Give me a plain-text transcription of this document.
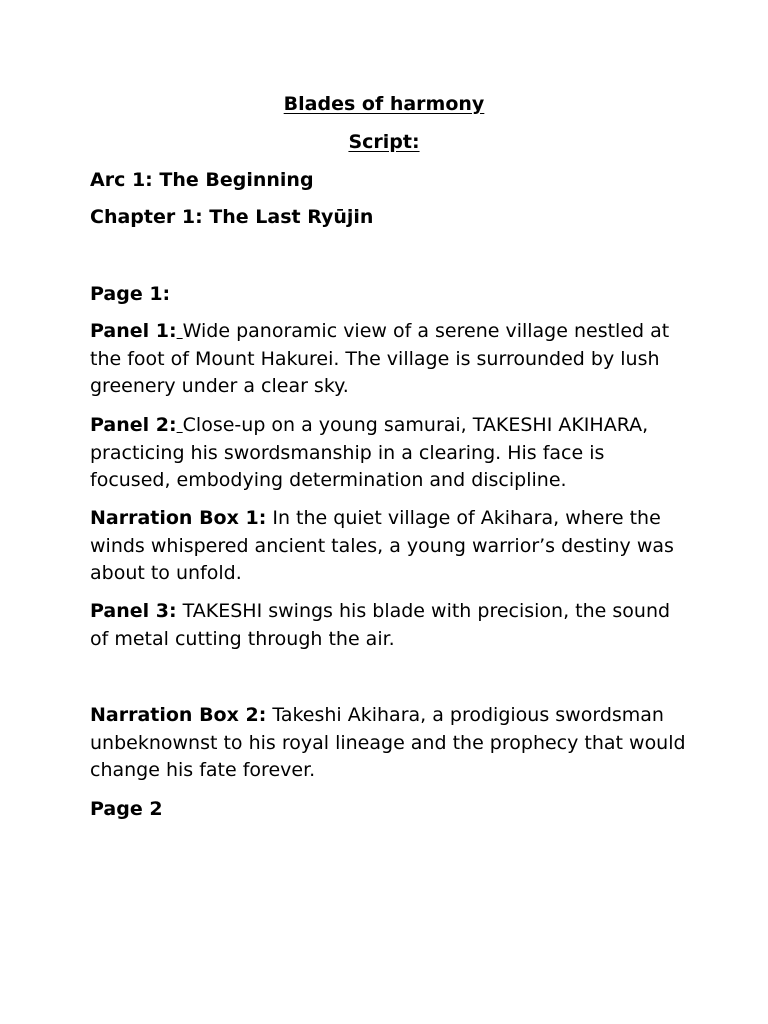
Blades of harmony
Script:
Arc 1: The Beginning
Chapter 1: The Last Ryūjin
Page 1:
Panel 1: Wide panoramic view of a serene village nestled at the foot of Mount Hakurei. The village is surrounded by lush greenery under a clear sky.
Panel 2: Close-up on a young samurai, TAKESHI AKIHARA, practicing his swordsmanship in a clearing. His face is focused, embodying determination and discipline.
Narration Box 1: In the quiet village of Akihara, where the winds whispered ancient tales, a young warrior’s destiny was about to unfold.
Panel 3: TAKESHI swings his blade with precision, the sound of metal cutting through the air.
Narration Box 2: Takeshi Akihara, a prodigious swordsman unbeknownst to his royal lineage and the prophecy that would change his fate forever.
Page 2
